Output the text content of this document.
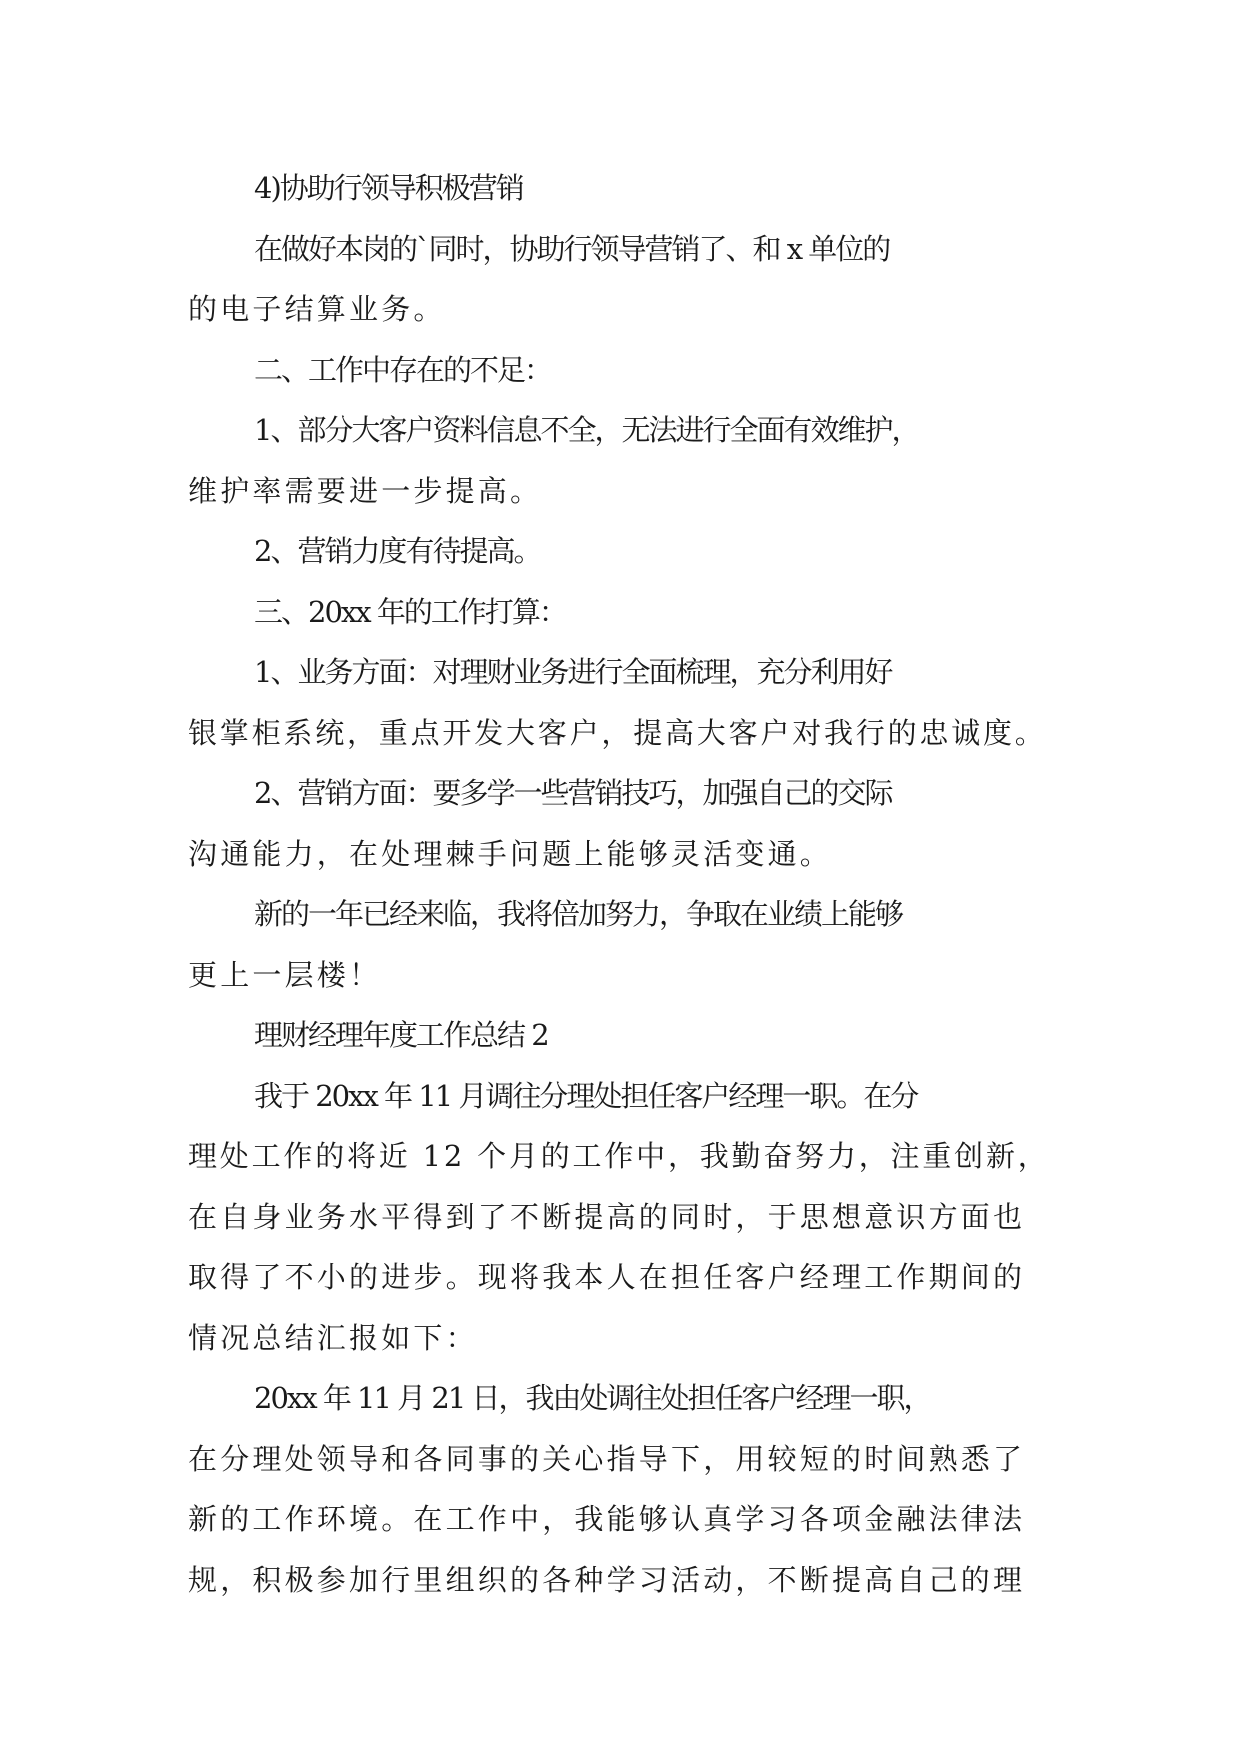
4)协助行领导积极营销
在做好本岗的`同时，协助行领导营销了、和 x 单位的
的电子结算业务。
二、工作中存在的不足：
1、部分大客户资料信息不全，无法进行全面有效维护，
维护率需要进一步提高。
2、营销力度有待提高。
三、20xx 年的工作打算：
1、业务方面：对理财业务进行全面梳理，充分利用好
银掌柜系统，重点开发大客户，提高大客户对我行的忠诚度。
2、营销方面：要多学一些营销技巧，加强自己的交际
沟通能力，在处理棘手问题上能够灵活变通。
新的一年已经来临，我将倍加努力，争取在业绩上能够
更上一层楼！
理财经理年度工作总结 2
我于 20xx 年 11 月调往分理处担任客户经理一职。在分
理处工作的将近 12 个月的工作中，我勤奋努力，注重创新，
在自身业务水平得到了不断提高的同时，于思想意识方面也
取得了不小的进步。现将我本人在担任客户经理工作期间的
情况总结汇报如下：
20xx 年 11 月 21 日，我由处调往处担任客户经理一职，
在分理处领导和各同事的关心指导下，用较短的时间熟悉了
新的工作环境。在工作中，我能够认真学习各项金融法律法
规，积极参加行里组织的各种学习活动，不断提高自己的理
